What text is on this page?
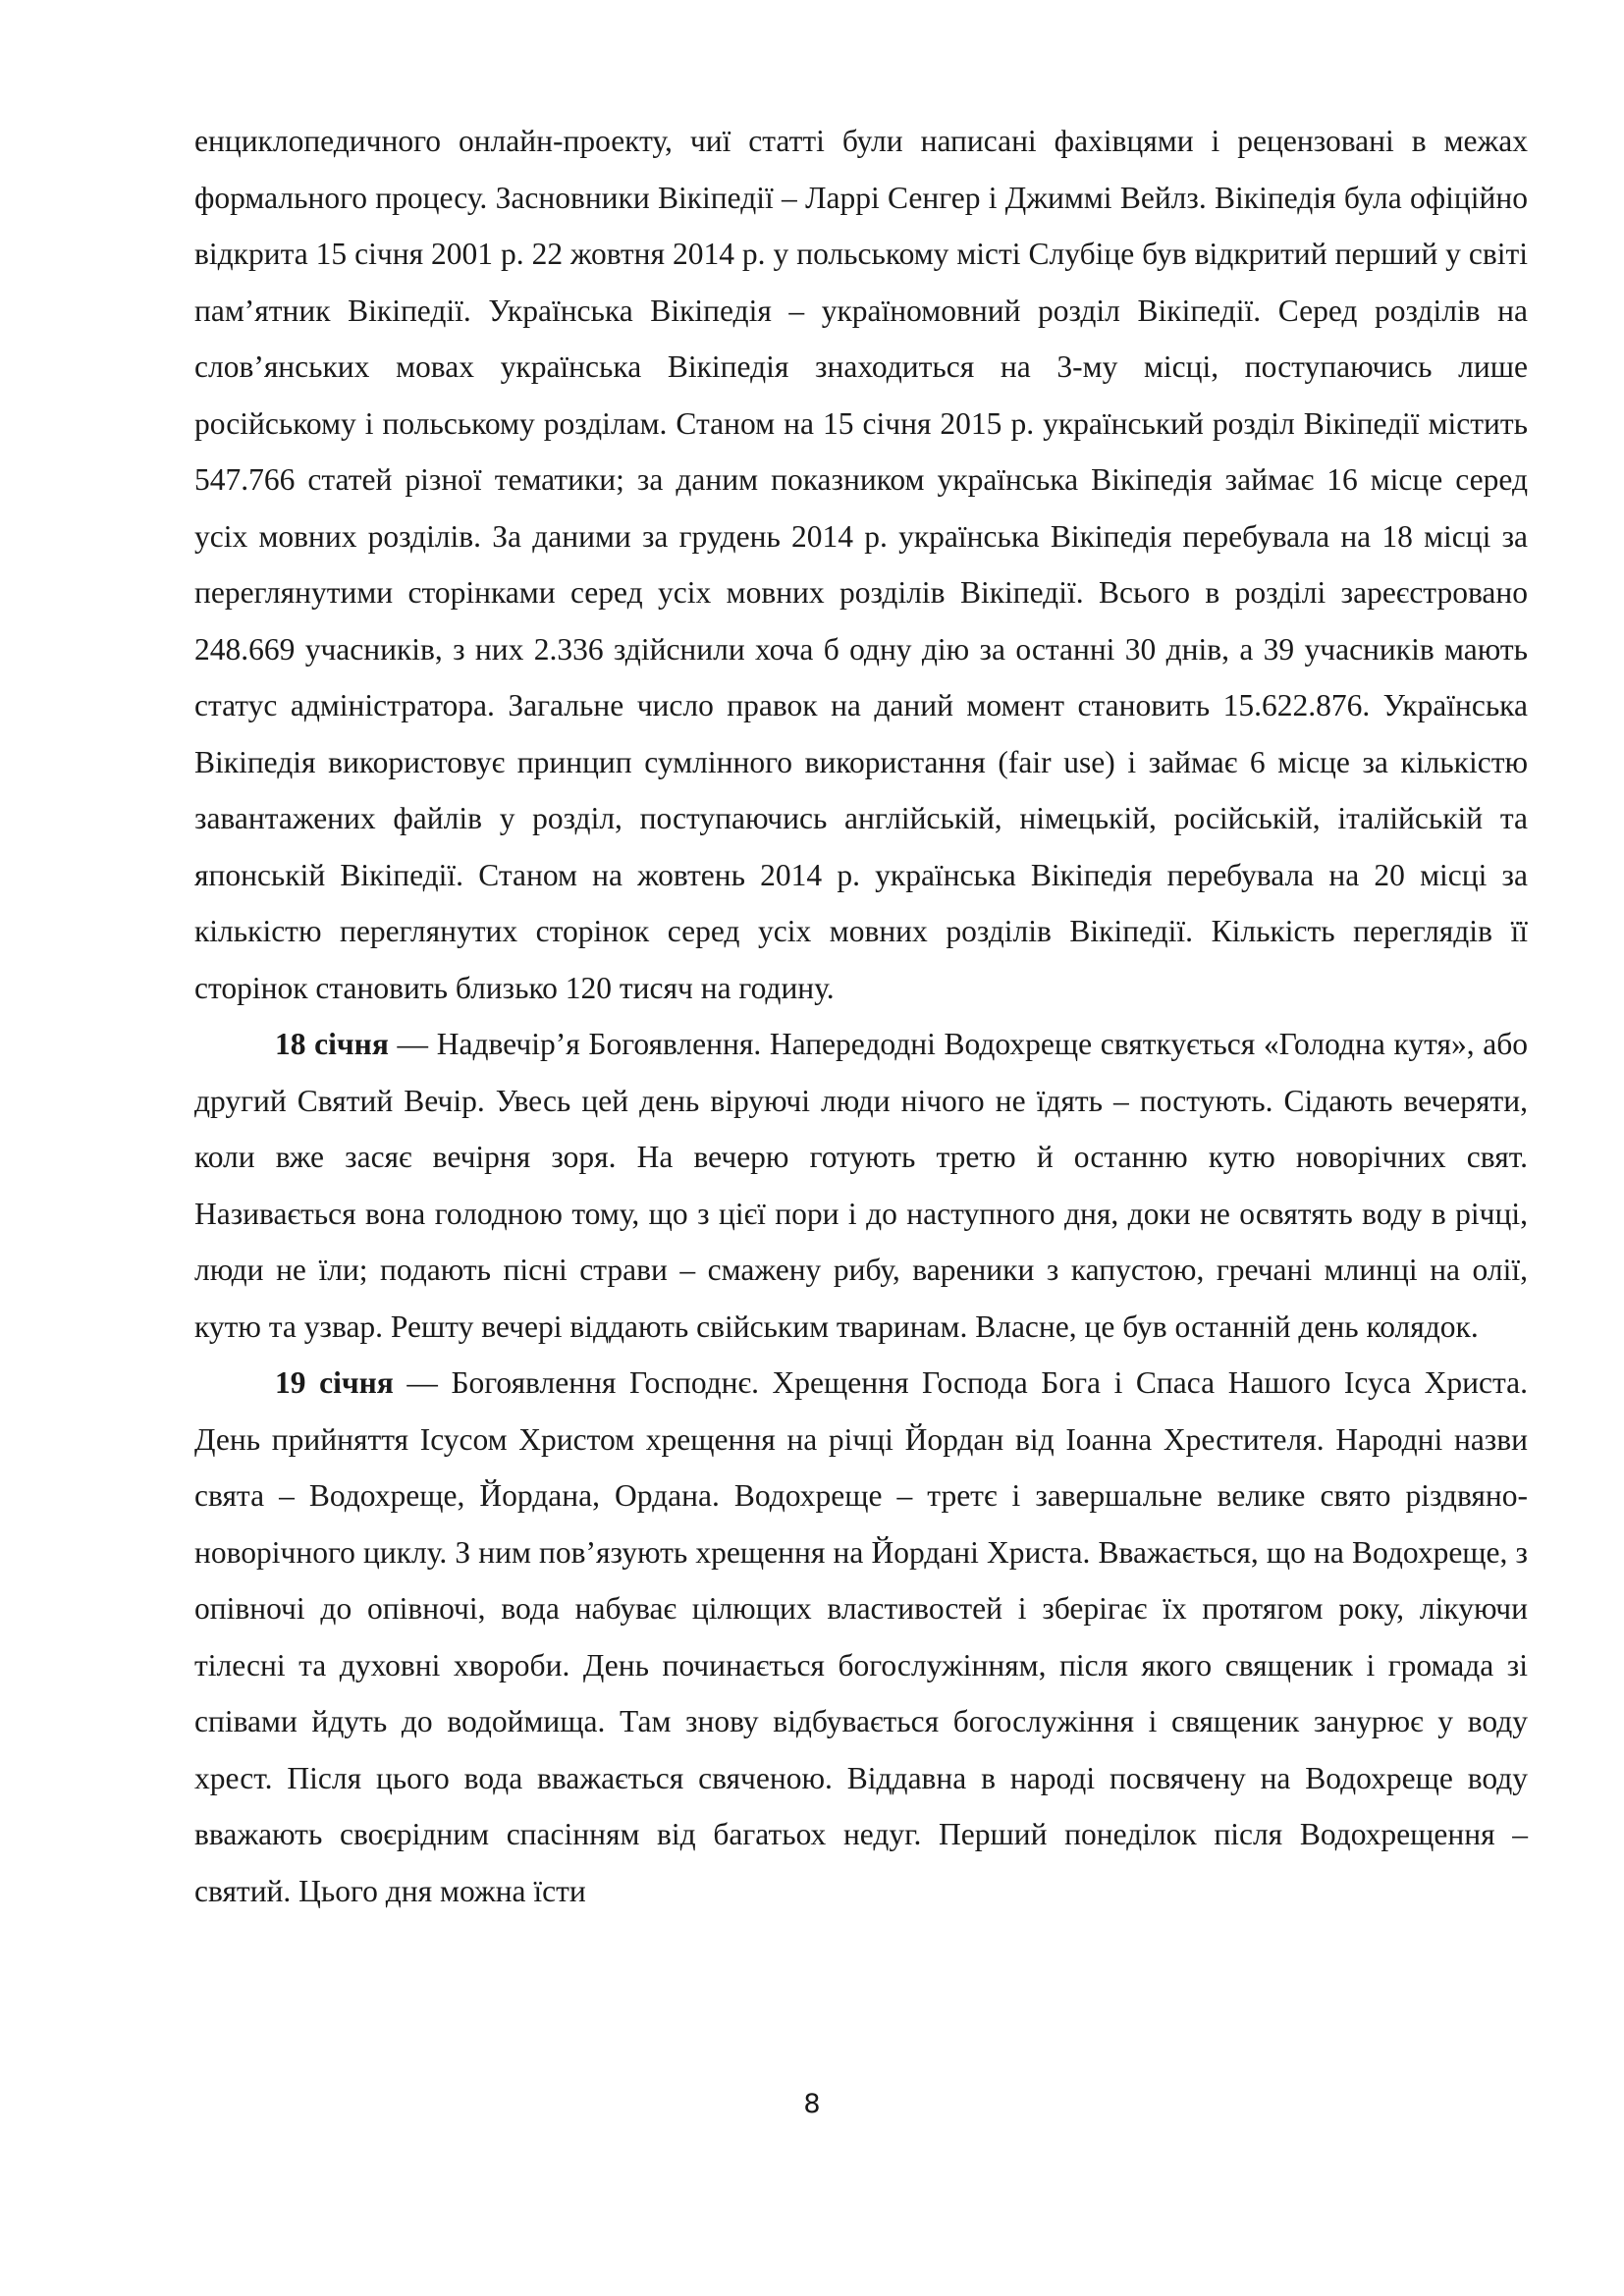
енциклопедичного онлайн-проекту, чиї статті були написані фахівцями і рецензовані в межах формального процесу. Засновники Вікіпедії – Ларрі Сенгер і Джиммі Вейлз. Вікіпедія була офіційно відкрита 15 січня 2001 р. 22 жовтня 2014 р. у польському місті Слубіце був відкритий перший у світі пам’ятник Вікіпедії. Українська Вікіпедія – україномовний розділ Вікіпедії. Серед розділів на слов’янських мовах українська Вікіпедія знаходиться на 3-му місці, поступаючись лише російському і польському розділам. Станом на 15 січня 2015 р. український розділ Вікіпедії містить 547.766 статей різної тематики; за даним показником українська Вікіпедія займає 16 місце серед усіх мовних розділів. За даними за грудень 2014 р. українська Вікіпедія перебувала на 18 місці за переглянутими сторінками серед усіх мовних розділів Вікіпедії. Всього в розділі зареєстровано 248.669 учасників, з них 2.336 здійснили хоча б одну дію за останні 30 днів, а 39 учасників мають статус адміністратора. Загальне число правок на даний момент становить 15.622.876. Українська Вікіпедія використовує принцип сумлінного використання (fair use) і займає 6 місце за кількістю завантажених файлів у розділ, поступаючись англійській, німецькій, російській, італійській та японській Вікіпедії. Станом на жовтень 2014 р. українська Вікіпедія перебувала на 20 місці за кількістю переглянутих сторінок серед усіх мовних розділів Вікіпедії. Кількість переглядів її сторінок становить близько 120 тисяч на годину.

18 січня — Надвечір’я Богоявлення. Напередодні Водохреще святкується «Голодна кутя», або другий Святий Вечір. Увесь цей день віруючі люди нічого не їдять – постують. Сідають вечеряти, коли вже засяє вечірня зоря. На вечерю готують третю й останню кутю новорічних свят. Називається вона голодною тому, що з цієї пори і до наступного дня, доки не освятять воду в річці, люди не їли; подають пісні страви – смажену рибу, вареники з капустою, гречані млинці на олії, кутю та узвар. Решту вечері віддають свійським тваринам. Власне, це був останній день колядок.

19 січня — Богоявлення Господнє. Хрещення Господа Бога і Спаса Нашого Ісуса Христа. День прийняття Ісусом Христом хрещення на річці Йордан від Іоанна Хрестителя. Народні назви свята – Водохреще, Йордана, Ордана. Водохреще – третє і завершальне велике свято різдвяно-новорічного циклу. З ним пов’язують хрещення на Йордані Христа. Вважається, що на Водохреще, з опівночі до опівночі, вода набуває цілющих властивостей і зберігає їх протягом року, лікуючи тілесні та духовні хвороби. День починається богослужінням, після якого священик і громада зі співами йдуть до водоймища. Там знову відбувається богослужіння і священик занурює у воду хрест. Після цього вода вважається свяченою. Віддавна в народі посвячену на Водохреще воду вважають своєрідним спасінням від багатьох недуг. Перший понеділок після Водохрещення – святий. Цього дня можна їсти

8
